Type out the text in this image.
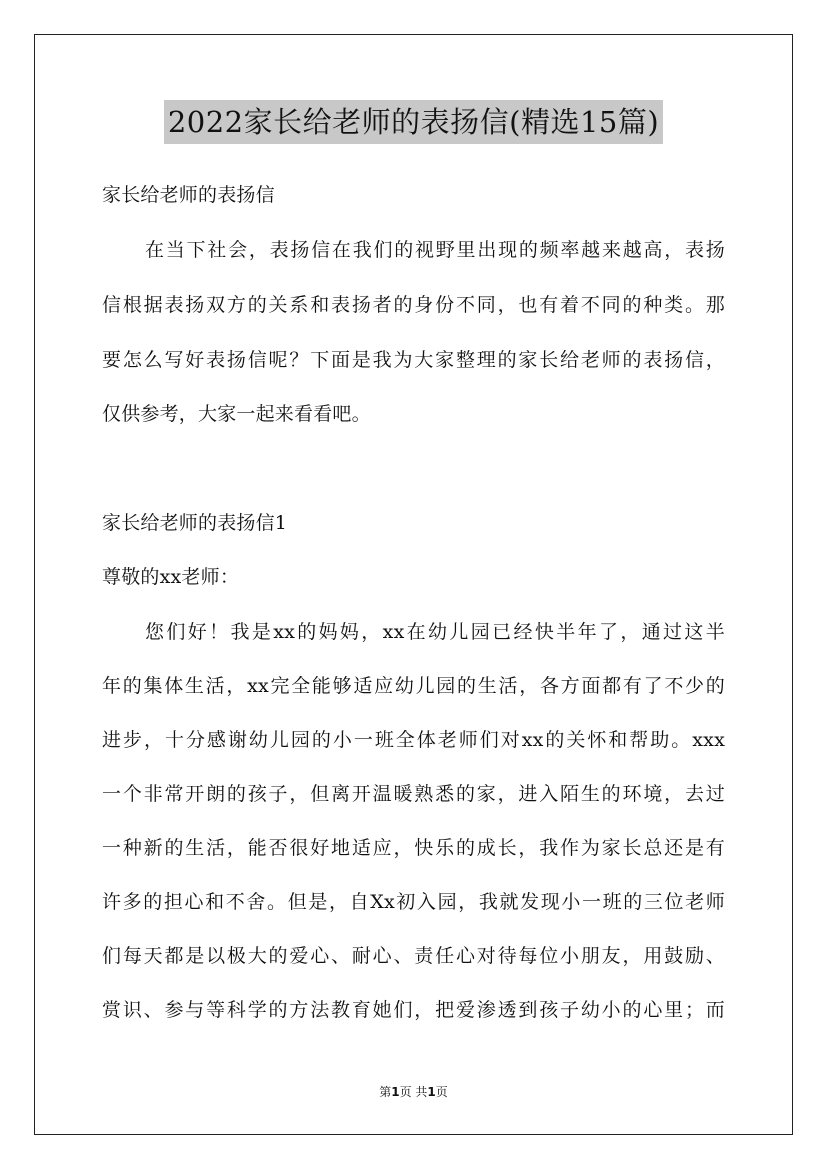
2022家长给老师的表扬信(精选15篇)
家长给老师的表扬信
在当下社会，表扬信在我们的视野里出现的频率越来越高，表扬
信根据表扬双方的关系和表扬者的身份不同，也有着不同的种类。那
要怎么写好表扬信呢？下面是我为大家整理的家长给老师的表扬信，
仅供参考，大家一起来看看吧。
家长给老师的表扬信1
尊敬的xx老师：
您们好！我是xx的妈妈，xx在幼儿园已经快半年了，通过这半
年的集体生活，xx完全能够适应幼儿园的生活，各方面都有了不少的
进步，十分感谢幼儿园的小一班全体老师们对xx的关怀和帮助。xxx
一个非常开朗的孩子，但离开温暖熟悉的家，进入陌生的环境，去过
一种新的生活，能否很好地适应，快乐的成长，我作为家长总还是有
许多的担心和不舍。但是，自Xx初入园，我就发现小一班的三位老师
们每天都是以极大的爱心、耐心、责任心对待每位小朋友，用鼓励、
赏识、参与等科学的方法教育她们，把爱渗透到孩子幼小的心里；而
第1页 共1页
